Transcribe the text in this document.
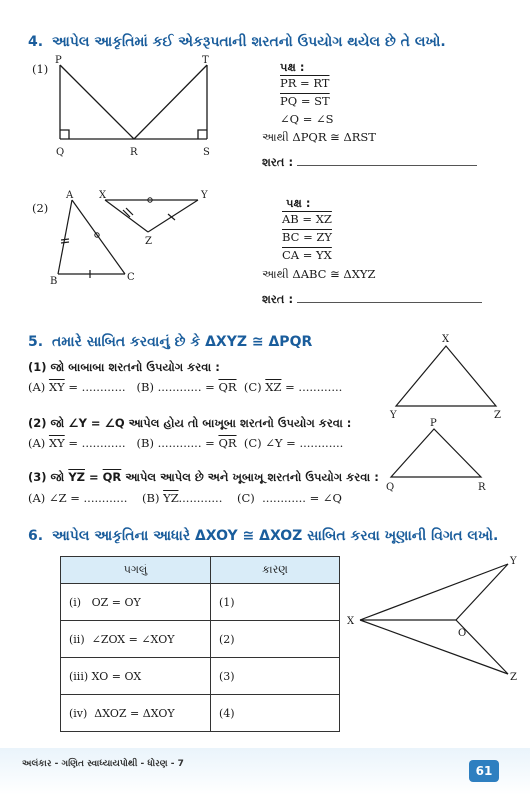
4. આપેલ આકૃતિમાં કઈ એકરૂપતાની શરતનો ઉપયોગ થયેલ છે તે લખો.
(1)
P	T
Q	R	S
પક્ષ :
PR = RT
PQ = ST
∠Q = ∠S
આથી ΔPQR ≅ ΔRST
શરત :
(2)
A	X	Y
B	C
Z
પક્ષ :
AB = XZ
BC = ZY
CA = YX
આથી ΔABC ≅ ΔXYZ
શરત :
5. તમારે સાબિત કરવાનું છે કે ΔXYZ ≅ ΔPQR
(1) જો બાબાબા શરતનો ઉપયોગ કરવા :
(A) $\overline{XY}$ = ............ (B) ............ = $\overline{QR}$ (C) $\overline{XZ}$ = ............
(2) જો ∠Y = ∠Q આપેલ હોય તો બાખૂબા શરતનો ઉપયોગ કરવા :
(A) $\overline{XY}$ = ............ (B) ............ = $\overline{QR}$ (C) ∠Y = ............
(3) જો $\overline{YZ} = \overline{QR}$ આપેલ આપેલ છે અને ખૂબાખૂ શરતનો ઉપયોગ કરવા :
(A) ∠Z = ............ (B) $\overline{YZ}$............ (C) ............ = ∠Q
X
Y	Z
P
Q	R
6. આપેલ આકૃતિના આધારે ΔXOY ≅ ΔXOZ સાબિત કરવા ખૂણાની વિગત લખો.
પગલું	કારણ
(i)   OZ = OY	(1)
(ii)  ∠ZOX = ∠XOY	(2)
(iii) XO = OX	(3)
(iv)  ΔXOZ = ΔXOY	(4)
X
Y
O
Z
અલંકાર - ગણિત સ્વાધ્યાયપોથી - ધોરણ - 7	61
